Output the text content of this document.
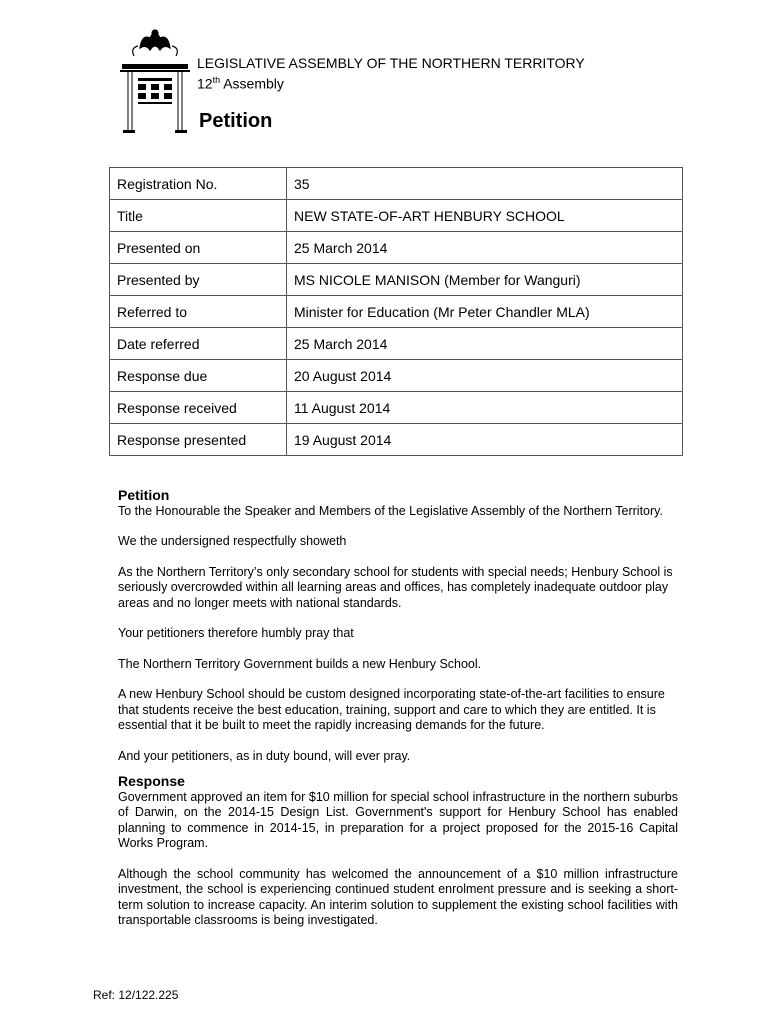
LEGISLATIVE ASSEMBLY OF THE NORTHERN TERRITORY
12th Assembly
Petition
Registration No.	35
Title	NEW STATE-OF-ART HENBURY SCHOOL
Presented on	25 March 2014
Presented by	MS NICOLE MANISON (Member for Wanguri)
Referred to	Minister for Education (Mr Peter Chandler MLA)
Date referred	25 March 2014
Response due	20 August 2014
Response received	11 August 2014
Response presented	19 August 2014
Petition

To the Honourable the Speaker and Members of the Legislative Assembly of the Northern Territory.

We the undersigned respectfully showeth

As the Northern Territory’s only secondary school for students with special needs; Henbury School is seriously overcrowded within all learning areas and offices, has completely inadequate outdoor play areas and no longer meets with national standards.

Your petitioners therefore humbly pray that

The Northern Territory Government builds a new Henbury School.

A new Henbury School should be custom designed incorporating state-of-the-art facilities to ensure that students receive the best education, training, support and care to which they are entitled. It is essential that it be built to meet the rapidly increasing demands for the future.

And your petitioners, as in duty bound, will ever pray.

Response

Government approved an item for $10 million for special school infrastructure in the northern suburbs of Darwin, on the 2014-15 Design List. Government's support for Henbury School has enabled planning to commence in 2014-15, in preparation for a project proposed for the 2015-16 Capital Works Program.

Although the school community has welcomed the announcement of a $10 million infrastructure investment, the school is experiencing continued student enrolment pressure and is seeking a short-term solution to increase capacity. An interim solution to supplement the existing school facilities with transportable classrooms is being investigated.

Ref: 12/122.225
